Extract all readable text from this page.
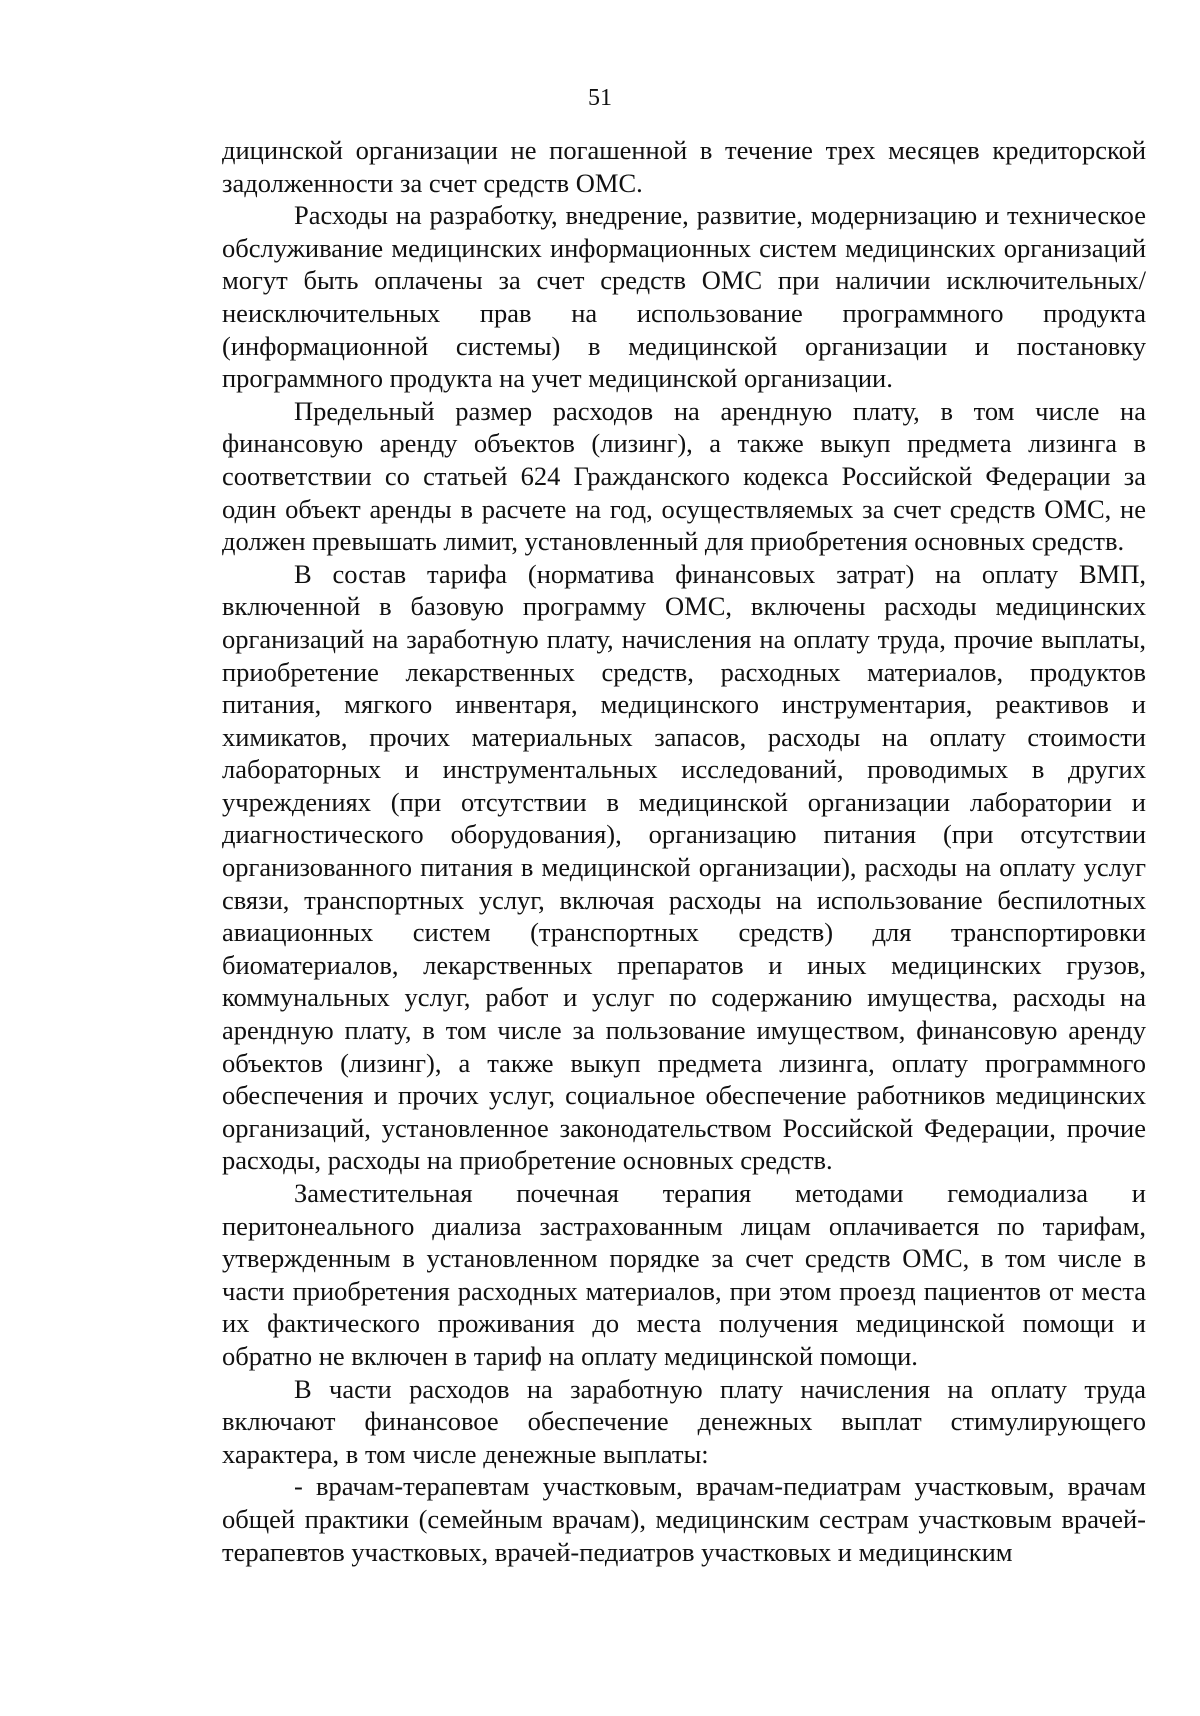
51

дицинской организации не погашенной в течение трех месяцев кредиторской задолженности за счет средств ОМС.

Расходы на разработку, внедрение, развитие, модернизацию и техническое обслуживание медицинских информационных систем медицинских организаций могут быть оплачены за счет средств ОМС при наличии исключительных/неисключительных прав на использование программного продукта (информационной системы) в медицинской организации и постановку программного продукта на учет медицинской организации.

Предельный размер расходов на арендную плату, в том числе на финансовую аренду объектов (лизинг), а также выкуп предмета лизинга в соответствии со статьей 624 Гражданского кодекса Российской Федерации за один объект аренды в расчете на год, осуществляемых за счет средств ОМС, не должен превышать лимит, установленный для приобретения основных средств.

В состав тарифа (норматива финансовых затрат) на оплату ВМП, включенной в базовую программу ОМС, включены расходы медицинских организаций на заработную плату, начисления на оплату труда, прочие выплаты, приобретение лекарственных средств, расходных материалов, продуктов питания, мягкого инвентаря, медицинского инструментария, реактивов и химикатов, прочих материальных запасов, расходы на оплату стоимости лабораторных и инструментальных исследований, проводимых в других учреждениях (при отсутствии в медицинской организации лаборатории и диагностического оборудования), организацию питания (при отсутствии организованного питания в медицинской организации), расходы на оплату услуг связи, транспортных услуг, включая расходы на использование беспилотных авиационных систем (транспортных средств) для транспортировки биоматериалов, лекарственных препаратов и иных медицинских грузов, коммунальных услуг, работ и услуг по содержанию имущества, расходы на арендную плату, в том числе за пользование имуществом, финансовую аренду объектов (лизинг), а также выкуп предмета лизинга, оплату программного обеспечения и прочих услуг, социальное обеспечение работников медицинских организаций, установленное законодательством Российской Федерации, прочие расходы, расходы на приобретение основных средств.

Заместительная почечная терапия методами гемодиализа и перитонеального диализа застрахованным лицам оплачивается по тарифам, утвержденным в установленном порядке за счет средств ОМС, в том числе в части приобретения расходных материалов, при этом проезд пациентов от места их фактического проживания до места получения медицинской помощи и обратно не включен в тариф на оплату медицинской помощи.

В части расходов на заработную плату начисления на оплату труда включают финансовое обеспечение денежных выплат стимулирующего характера, в том числе денежные выплаты:

- врачам-терапевтам участковым, врачам-педиатрам участковым, врачам общей практики (семейным врачам), медицинским сестрам участковым врачей-терапевтов участковых, врачей-педиатров участковых и медицинским
